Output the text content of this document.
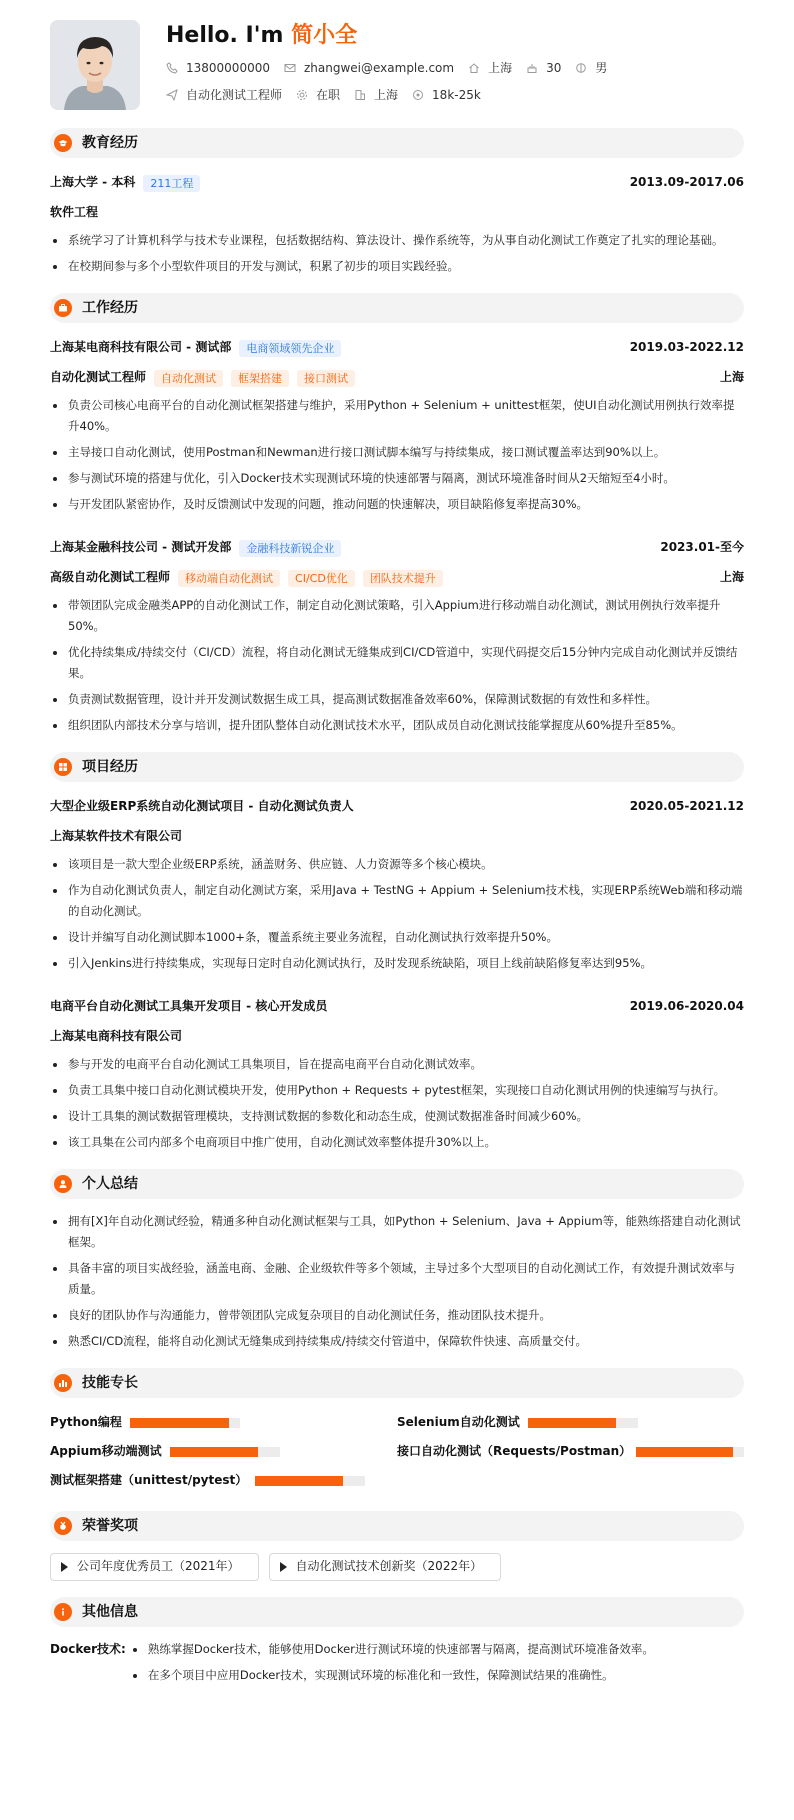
Hello. I'm 简小全
13800000000	zhangwei@example.com	上海	30	男
自动化测试工程师	在职	上海	18k-25k
教育经历
上海大学 - 本科	211工程	2013.09-2017.06
软件工程
系统学习了计算机科学与技术专业课程，包括数据结构、算法设计、操作系统等，为从事自动化测试工作奠定了扎实的理论基础。
在校期间参与多个小型软件项目的开发与测试，积累了初步的项目实践经验。
工作经历
上海某电商科技有限公司 - 测试部	电商领域领先企业	2019.03-2022.12
自动化测试工程师	自动化测试	框架搭建	接口测试	上海
负责公司核心电商平台的自动化测试框架搭建与维护，采用Python + Selenium + unittest框架，使UI自动化测试用例执行效率提升40%。
主导接口自动化测试，使用Postman和Newman进行接口测试脚本编写与持续集成，接口测试覆盖率达到90%以上。
参与测试环境的搭建与优化，引入Docker技术实现测试环境的快速部署与隔离，测试环境准备时间从2天缩短至4小时。
与开发团队紧密协作，及时反馈测试中发现的问题，推动问题的快速解决，项目缺陷修复率提高30%。
上海某金融科技公司 - 测试开发部	金融科技新锐企业	2023.01-至今
高级自动化测试工程师	移动端自动化测试	CI/CD优化	团队技术提升	上海
带领团队完成金融类APP的自动化测试工作，制定自动化测试策略，引入Appium进行移动端自动化测试，测试用例执行效率提升50%。
优化持续集成/持续交付（CI/CD）流程，将自动化测试无缝集成到CI/CD管道中，实现代码提交后15分钟内完成自动化测试并反馈结果。
负责测试数据管理，设计并开发测试数据生成工具，提高测试数据准备效率60%，保障测试数据的有效性和多样性。
组织团队内部技术分享与培训，提升团队整体自动化测试技术水平，团队成员自动化测试技能掌握度从60%提升至85%。
项目经历
大型企业级ERP系统自动化测试项目 - 自动化测试负责人	2020.05-2021.12
上海某软件技术有限公司
该项目是一款大型企业级ERP系统，涵盖财务、供应链、人力资源等多个核心模块。
作为自动化测试负责人，制定自动化测试方案，采用Java + TestNG + Appium + Selenium技术栈，实现ERP系统Web端和移动端的自动化测试。
设计并编写自动化测试脚本1000+条，覆盖系统主要业务流程，自动化测试执行效率提升50%。
引入Jenkins进行持续集成，实现每日定时自动化测试执行，及时发现系统缺陷，项目上线前缺陷修复率达到95%。
电商平台自动化测试工具集开发项目 - 核心开发成员	2019.06-2020.04
上海某电商科技有限公司
参与开发的电商平台自动化测试工具集项目，旨在提高电商平台自动化测试效率。
负责工具集中接口自动化测试模块开发，使用Python + Requests + pytest框架，实现接口自动化测试用例的快速编写与执行。
设计工具集的测试数据管理模块，支持测试数据的参数化和动态生成，使测试数据准备时间减少60%。
该工具集在公司内部多个电商项目中推广使用，自动化测试效率整体提升30%以上。
个人总结
拥有[X]年自动化测试经验，精通多种自动化测试框架与工具，如Python + Selenium、Java + Appium等，能熟练搭建自动化测试框架。
具备丰富的项目实战经验，涵盖电商、金融、企业级软件等多个领域，主导过多个大型项目的自动化测试工作，有效提升测试效率与质量。
良好的团队协作与沟通能力，曾带领团队完成复杂项目的自动化测试任务，推动团队技术提升。
熟悉CI/CD流程，能将自动化测试无缝集成到持续集成/持续交付管道中，保障软件快速、高质量交付。
技能专长
Python编程	Selenium自动化测试
Appium移动端测试	接口自动化测试（Requests/Postman）
测试框架搭建（unittest/pytest）
荣誉奖项
公司年度优秀员工（2021年）	自动化测试技术创新奖（2022年）
其他信息
Docker技术:	熟练掌握Docker技术，能够使用Docker进行测试环境的快速部署与隔离，提高测试环境准备效率。
在多个项目中应用Docker技术，实现测试环境的标准化和一致性，保障测试结果的准确性。
